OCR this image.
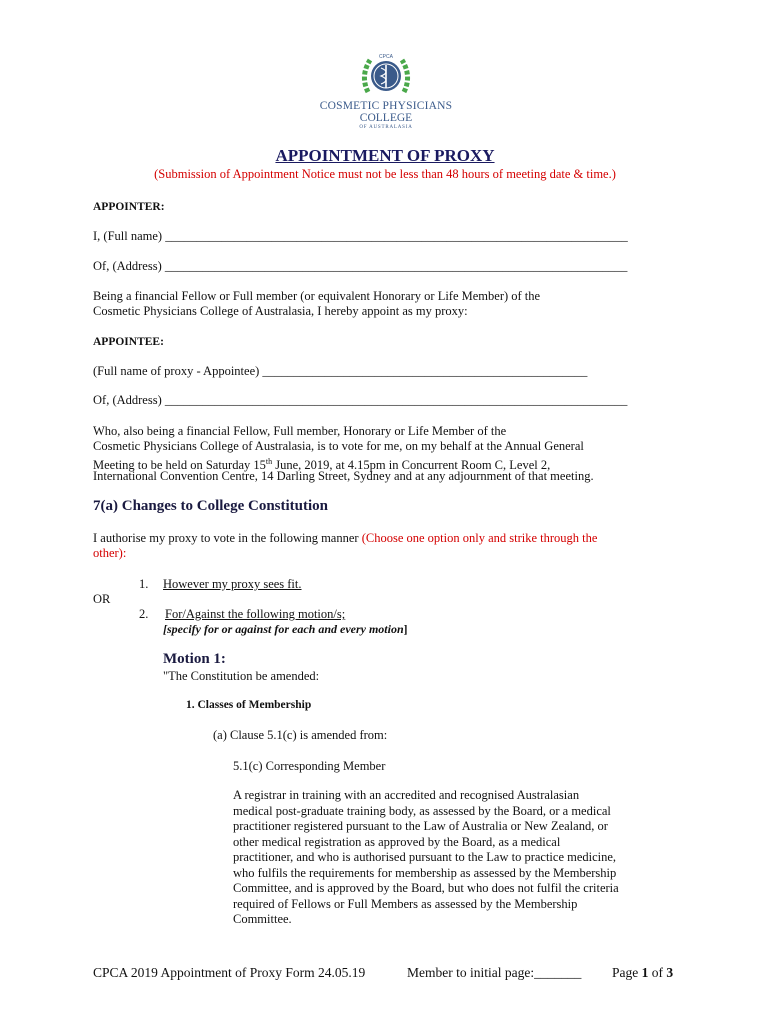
CPCA
COSMETIC PHYSICIANS
COLLEGE
OF AUSTRALASIA
APPOINTMENT OF PROXY
(Submission of Appointment Notice must not be less than 48 hours of meeting date & time.)
APPOINTER:
I, (Full name) __________________________________________________________________________
Of, (Address) __________________________________________________________________________
Being a financial Fellow or Full member (or equivalent Honorary or Life Member) of the
Cosmetic Physicians College of Australasia, I hereby appoint as my proxy:
APPOINTEE:
(Full name of proxy - Appointee) ____________________________________________________
Of, (Address) __________________________________________________________________________
Who, also being a financial Fellow, Full member, Honorary or Life Member of the
Cosmetic Physicians College of Australasia, is to vote for me, on my behalf at the Annual General
Meeting to be held on Saturday 15th June, 2019, at 4.15pm in Concurrent Room C, Level 2,
International Convention Centre, 14 Darling Street, Sydney and at any adjournment of that meeting.
7(a) Changes to College Constitution
I authorise my proxy to vote in the following manner (Choose one option only and strike through the
other):
1. However my proxy sees fit.
OR
2. For/Against the following motion/s;
[specify for or against for each and every motion]
Motion 1:
"The Constitution be amended:
1. Classes of Membership
(a) Clause 5.1(c) is amended from:
5.1(c) Corresponding Member
A registrar in training with an accredited and recognised Australasian
medical post-graduate training body, as assessed by the Board, or a medical
practitioner registered pursuant to the Law of Australia or New Zealand, or
other medical registration as approved by the Board, as a medical
practitioner, and who is authorised pursuant to the Law to practice medicine,
who fulfils the requirements for membership as assessed by the Membership
Committee, and is approved by the Board, but who does not fulfil the criteria
required of Fellows or Full Members as assessed by the Membership
Committee.
CPCA 2019 Appointment of Proxy Form 24.05.19	Member to initial page:_______ Page 1 of 3
